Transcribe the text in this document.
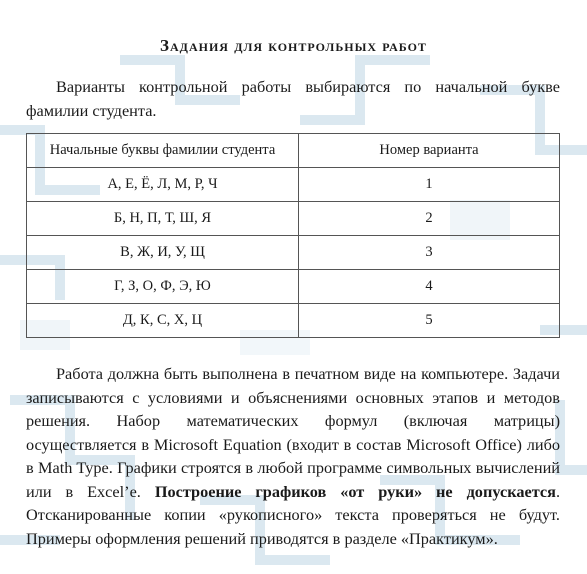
Задания для контрольных работ

Варианты контрольной работы выбираются по начальной букве фамилии студента.

Начальные буквы фамилии студента	Номер варианта
А, Е, Ё, Л, М, Р, Ч	1
Б, Н, П, Т, Ш, Я	2
В, Ж, И, У, Щ	3
Г, З, О, Ф, Э, Ю	4
Д, К, С, Х, Ц	5

Работа должна быть выполнена в печатном виде на компьютере. Задачи записываются с условиями и объяснениями основных этапов и методов решения. Набор математических формул (включая матрицы) осуществляется в Microsoft Equation (входит в состав Microsoft Office) либо в Math Type. Графики строятся в любой программе символьных вычислений или в Excel’e. Построение графиков «от руки» не допускается. Отсканированные копии «рукописного» текста проверяться не будут. Примеры оформления решений приводятся в разделе «Практикум».
